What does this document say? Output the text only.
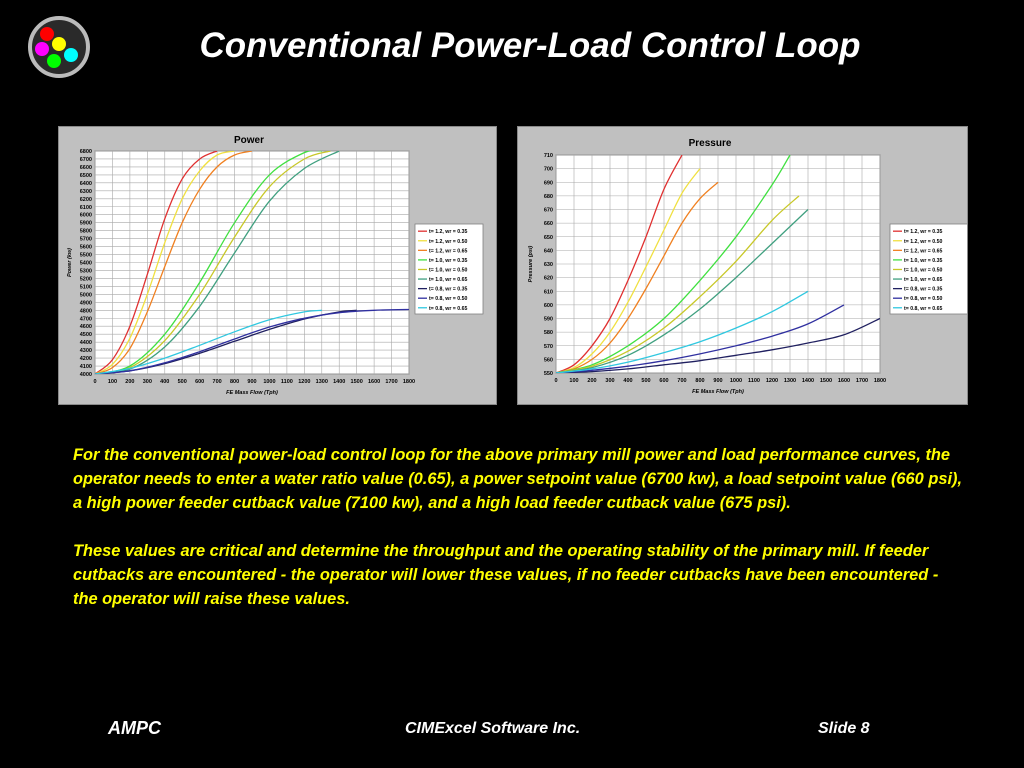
Conventional Power-Load Control Loop
0 100 200 300 400 500 600 700 800 900 1000 1100 1200 1300 1400 1500 1600 1700 1800
4000
4100
4200
4300
4400
4500
4600
4700
4800
4900
5000
5100
5200
5300
5400
5500
5600
5700
5800
5900
6000
6100
6200
6300
6400
6500
6600
6700
6800
Power
FE Mass Flow (Tph)
Power (kw)
t= 1.2, wr = 0.35
t= 1.2, wr = 0.50
t= 1.2, wr = 0.65
t= 1.0, wr = 0.35
t= 1.0, wr = 0.50
t= 1.0, wr = 0.65
t= 0.8, wr = 0.35
t= 0.8, wr = 0.50
t= 0.8, wr = 0.65
0 100 200 300 400 500 600 700 800 900 1000 1100 1200 1300 1400 1500 1600 1700 1800
550
560
570
580
590
600
610
620
630
640
650
660
670
680
690
700
710
Pressure
FE Mass Flow (Tph)
Pressure (psi)
t= 1.2, wr = 0.35
t= 1.2, wr = 0.50
t= 1.2, wr = 0.65
t= 1.0, wr = 0.35
t= 1.0, wr = 0.50
t= 1.0, wr = 0.65
t= 0.8, wr = 0.35
t= 0.8, wr = 0.50
t= 0.8, wr = 0.65

For the conventional power-load control loop for the above primary mill power and load performance curves, the operator needs to enter a water ratio value (0.65), a power setpoint value (6700 kw), a load setpoint value (660 psi), a high power feeder cutback value (7100 kw), and a high load feeder cutback value (675 psi).

These values are critical and determine the throughput and the operating stability of the primary mill. If feeder cutbacks are encountered - the operator will lower these values, if no feeder cutbacks have been encountered - the operator will raise these values.

AMPC	CIMExcel Software Inc.	Slide 8
